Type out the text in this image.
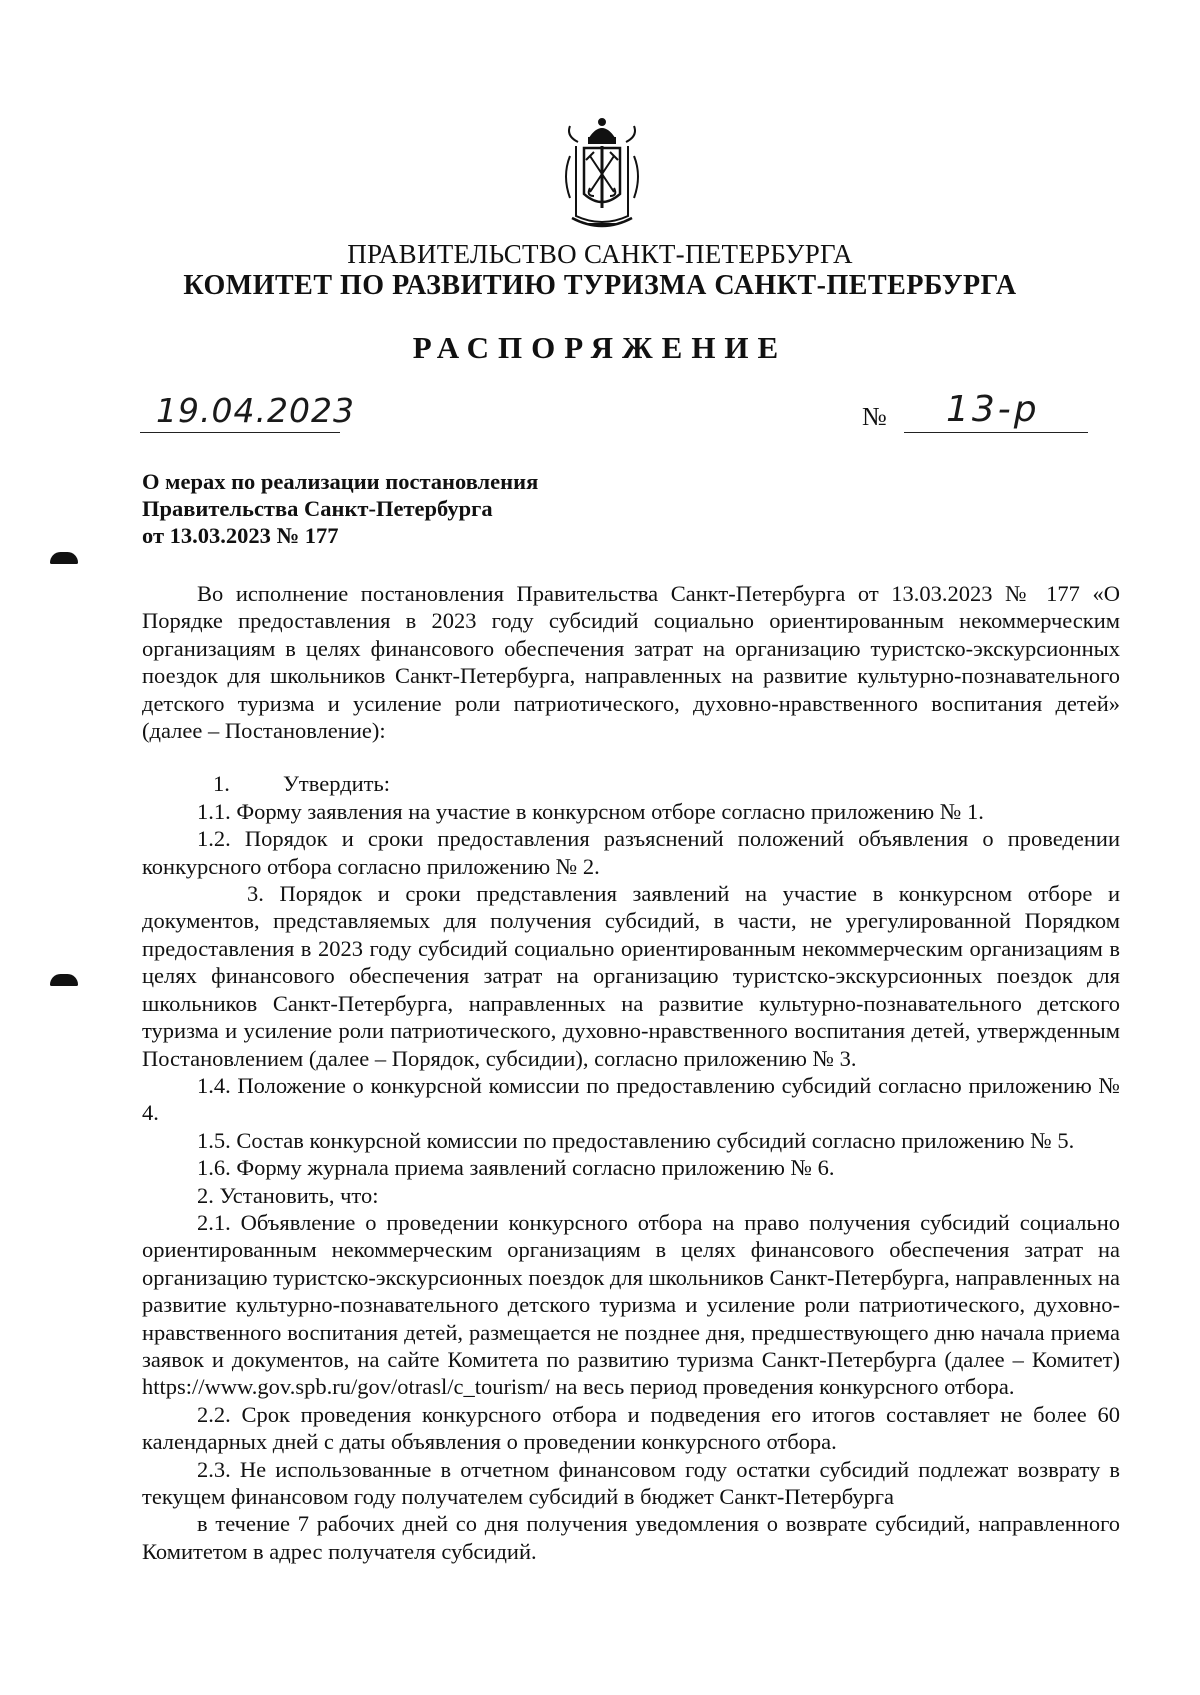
ПРАВИТЕЛЬСТВО САНКТ-ПЕТЕРБУРГА
КОМИТЕТ ПО РАЗВИТИЮ ТУРИЗМА САНКТ-ПЕТЕРБУРГА
РАСПОРЯЖЕНИЕ
19.04.2023	№ 13-р
О мерах по реализации постановления
Правительства Санкт-Петербурга
от 13.03.2023 № 177

Во исполнение постановления Правительства Санкт-Петербурга от 13.03.2023 № 177 «О Порядке предоставления в 2023 году субсидий социально ориентированным некоммерческим организациям в целях финансового обеспечения затрат на организацию туристско-экскурсионных поездок для школьников Санкт-Петербурга, направленных на развитие культурно-познавательного детского туризма и усиление роли патриотического, духовно-нравственного воспитания детей» (далее – Постановление):

1. Утвердить:

1.1. Форму заявления на участие в конкурсном отборе согласно приложению № 1.

1.2. Порядок и сроки предоставления разъяснений положений объявления о проведении конкурсного отбора согласно приложению № 2.

3. Порядок и сроки представления заявлений на участие в конкурсном отборе и документов, представляемых для получения субсидий, в части, не урегулированной Порядком предоставления в 2023 году субсидий социально ориентированным некоммерческим организациям в целях финансового обеспечения затрат на организацию туристско-экскурсионных поездок для школьников Санкт-Петербурга, направленных на развитие культурно-познавательного детского туризма и усиление роли патриотического, духовно-нравственного воспитания детей, утвержденным Постановлением (далее – Порядок, субсидии), согласно приложению № 3.

1.4. Положение о конкурсной комиссии по предоставлению субсидий согласно приложению № 4.

1.5. Состав конкурсной комиссии по предоставлению субсидий согласно приложению № 5.

1.6. Форму журнала приема заявлений согласно приложению № 6.

2. Установить, что:

2.1. Объявление о проведении конкурсного отбора на право получения субсидий социально ориентированным некоммерческим организациям в целях финансового обеспечения затрат на организацию туристско-экскурсионных поездок для школьников Санкт-Петербурга, направленных на развитие культурно-познавательного детского туризма и усиление роли патриотического, духовно-нравственного воспитания детей, размещается не позднее дня, предшествующего дню начала приема заявок и документов, на сайте Комитета по развитию туризма Санкт-Петербурга (далее – Комитет) https://www.gov.spb.ru/gov/otrasl/c_tourism/ на весь период проведения конкурсного отбора.

2.2. Срок проведения конкурсного отбора и подведения его итогов составляет не более 60 календарных дней с даты объявления о проведении конкурсного отбора.

2.3. Не использованные в отчетном финансовом году остатки субсидий подлежат возврату в текущем финансовом году получателем субсидий в бюджет Санкт-Петербурга

в течение 7 рабочих дней со дня получения уведомления о возврате субсидий, направленного Комитетом в адрес получателя субсидий.
